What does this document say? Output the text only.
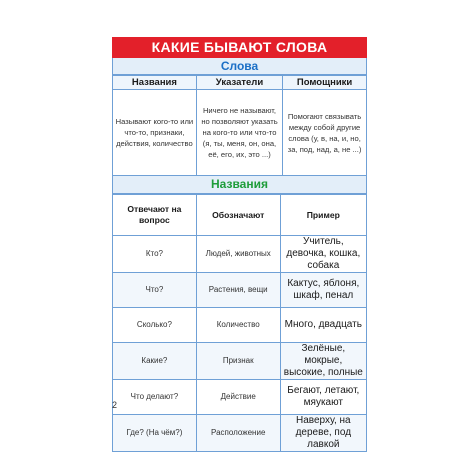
КАКИЕ БЫВАЮТ СЛОВА
Слова
Названия	Указатели	Помощники
Называют кого-то или что-то, признаки, действия, количество	Ничего не называют, но позволяют указать на кого-то или что-то (я, ты, меня, он, она, её, его, их, это ...)	Помогают связывать между собой другие слова (у, в, на, и, но, за, под, над, а, не ...)
Названия
Отвечают на вопрос	Обозначают	Пример
Кто?	Людей, животных	Учитель, девочка, кошка, собака
Что?	Растения, вещи	Кактус, яблоня, шкаф, пенал
Сколько?	Количество	Много, двадцать
Какие?	Признак	Зелёные, мокрые, высокие, полные
Что делают?	Действие	Бегают, летают, мяукают
Где? (На чём?)	Расположение	Наверху, на дереве, под лавкой
2
